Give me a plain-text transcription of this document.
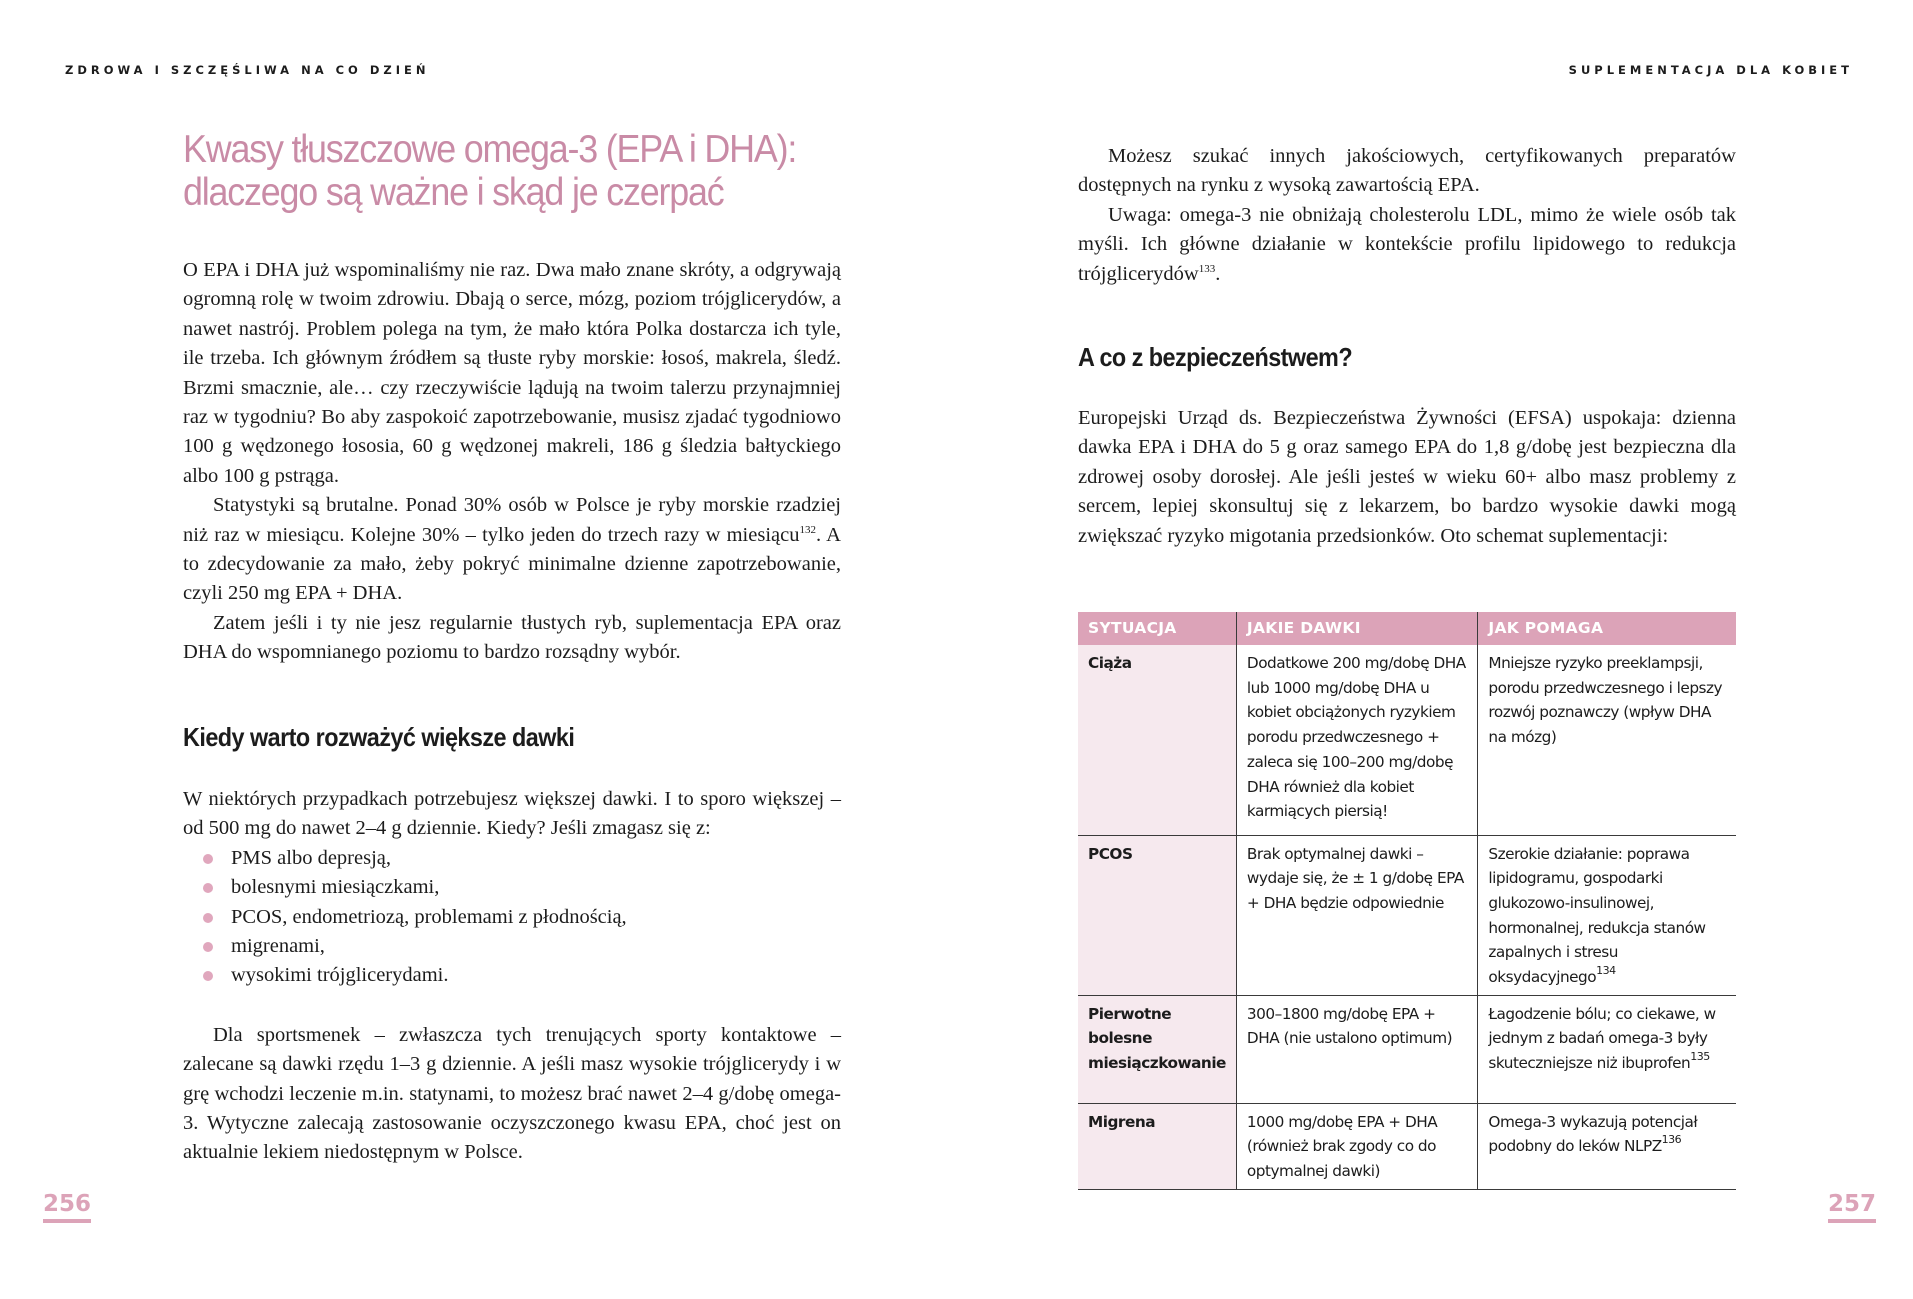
ZDROWA I SZCZĘŚLIWA NA CO DZIEŃ
Kwasy tłuszczowe omega-3 (EPA i DHA):
dlaczego są ważne i skąd je czerpać

O EPA i DHA już wspominaliśmy nie raz. Dwa mało znane skróty, a odgrywają ogromną rolę w twoim zdrowiu. Dbają o serce, mózg, poziom trójglicerydów, a nawet nastrój. Problem polega na tym, że mało która Polka dostarcza ich tyle, ile trzeba. Ich głównym źródłem są tłuste ryby morskie: łosoś, makrela, śledź. Brzmi smacznie, ale… czy rzeczywiście lądują na twoim talerzu przynajmniej raz w tygodniu? Bo aby zaspokoić zapotrzebowanie, musisz zjadać tygodniowo 100 g wędzonego łososia, 60 g wędzonej makreli, 186 g śledzia bałtyckiego albo 100 g pstrąga.

Statystyki są brutalne. Ponad 30% osób w Polsce je ryby morskie rzadziej niż raz w miesiącu. Kolejne 30% – tylko jeden do trzech razy w miesiącu$^{132}$. A to zdecydowanie za mało, żeby pokryć minimalne dzienne zapotrzebowanie, czyli 250 mg EPA + DHA.

Zatem jeśli i ty nie jesz regularnie tłustych ryb, suplementacja EPA oraz DHA do wspomnianego poziomu to bardzo rozsądny wybór.

Kiedy warto rozważyć większe dawki

W niektórych przypadkach potrzebujesz większej dawki. I to sporo większej – od 500 mg do nawet 2–4 g dziennie. Kiedy? Jeśli zmagasz się z:

PMS albo depresją,
bolesnymi miesiączkami,
PCOS, endometriozą, problemami z płodnością,
migrenami,
wysokimi trójglicerydami.

Dla sportsmenek – zwłaszcza tych trenujących sporty kontaktowe – zalecane są dawki rzędu 1–3 g dziennie. A jeśli masz wysokie trójglicerydy i w grę wchodzi leczenie m.in. statynami, to możesz brać nawet 2–4 g/dobę omega-3. Wytyczne zalecają zastosowanie oczyszczonego kwasu EPA, choć jest on aktualnie lekiem niedostępnym w Polsce.

256
SUPLEMENTACJA DLA KOBIET

Możesz szukać innych jakościowych, certyfikowanych preparatów dostępnych na rynku z wysoką zawartością EPA.

Uwaga: omega-3 nie obniżają cholesterolu LDL, mimo że wiele osób tak myśli. Ich główne działanie w kontekście profilu lipidowego to redukcja trójglicerydów$^{133}$.

A co z bezpieczeństwem?

Europejski Urząd ds. Bezpieczeństwa Żywności (EFSA) uspokaja: dzienna dawka EPA i DHA do 5 g oraz samego EPA do 1,8 g/dobę jest bezpieczna dla zdrowej osoby dorosłej. Ale jeśli jesteś w wieku 60+ albo masz problemy z sercem, lepiej skonsultuj się z lekarzem, bo bardzo wysokie dawki mogą zwiększać ryzyko migotania przedsionków. Oto schemat suplementacji:

SYTUACJA	JAKIE DAWKI	JAK POMAGA
Ciąża	Dodatkowe 200 mg/dobę DHA lub 1000 mg/dobę DHA u kobiet obciążonych ryzykiem porodu przedwczesnego + zaleca się 100–200 mg/dobę DHA również dla kobiet karmiących piersią!	Mniejsze ryzyko preeklampsji, porodu przedwczesnego i lepszy rozwój poznawczy (wpływ DHA na mózg)
PCOS	Brak optymalnej dawki – wydaje się, że ± 1 g/dobę EPA + DHA będzie odpowiednie	Szerokie działanie: poprawa lipidogramu, gospodarki glukozowo-insulinowej, hormonalnej, redukcja stanów zapalnych i stresu oksydacyjnego$^{134}$
Pierwotne bolesne miesiączkowanie	300–1800 mg/dobę EPA + DHA (nie ustalono optimum)	Łagodzenie bólu; co ciekawe, w jednym z badań omega-3 były skuteczniejsze niż ibuprofen$^{135}$
Migrena	1000 mg/dobę EPA + DHA (również brak zgody co do optymalnej dawki)	Omega-3 wykazują potencjał podobny do leków NLPZ$^{136}$
257
